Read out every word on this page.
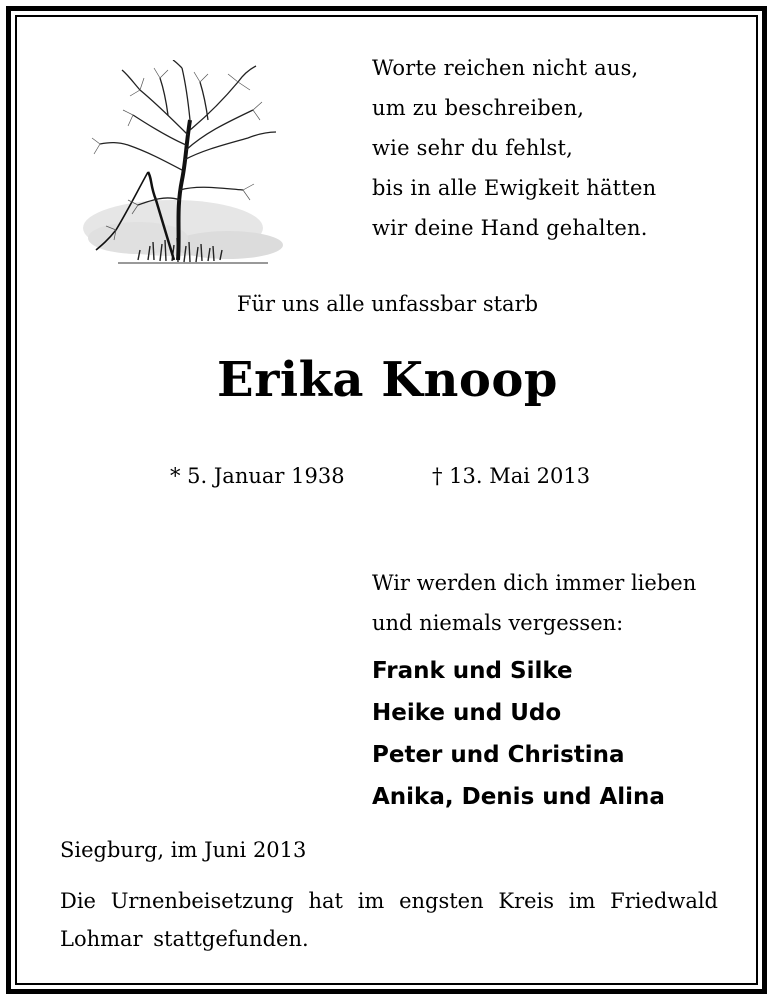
Worte reichen nicht aus,
um zu beschreiben,
wie sehr du fehlst,
bis in alle Ewigkeit hätten
wir deine Hand gehalten.
Für uns alle unfassbar starb
Erika Knoop
* 5. Januar 1938	† 13. Mai 2013
Wir werden dich immer lieben
und niemals vergessen:
Frank und Silke
Heike und Udo
Peter und Christina
Anika, Denis und Alina
Siegburg, im Juni 2013
Die Urnenbeisetzung hat im engsten Kreis im Friedwald Lohmar stattgefunden.
